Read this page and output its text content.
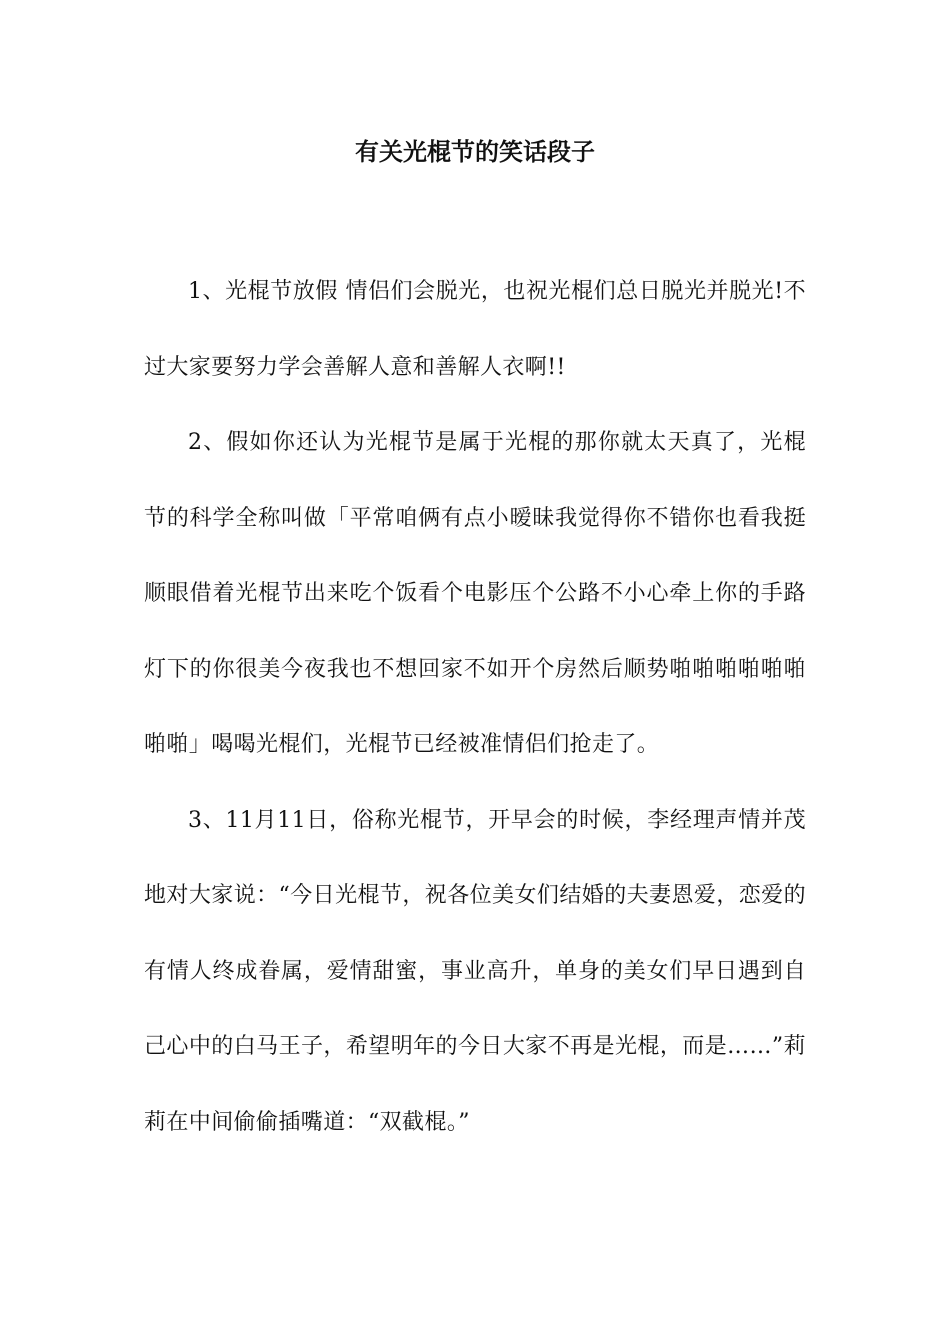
有关光棍节的笑话段子

1、光棍节放假 情侣们会脱光，也祝光棍们总日脱光并脱光!不过大家要努力学会善解人意和善解人衣啊!!

2、假如你还认为光棍节是属于光棍的那你就太天真了，光棍节的科学全称叫做「平常咱俩有点小暧昧我觉得你不错你也看我挺顺眼借着光棍节出来吃个饭看个电影压个公路不小心牵上你的手路灯下的你很美今夜我也不想回家不如开个房然后顺势啪啪啪啪啪啪啪啪」喝喝光棍们，光棍节已经被准情侣们抢走了。

3、11月11日，俗称光棍节，开早会的时候，李经理声情并茂地对大家说：“今日光棍节，祝各位美女们结婚的夫妻恩爱，恋爱的有情人终成眷属，爱情甜蜜，事业高升，单身的美女们早日遇到自己心中的白马王子，希望明年的今日大家不再是光棍，而是……”莉莉在中间偷偷插嘴道：“双截棍。”
